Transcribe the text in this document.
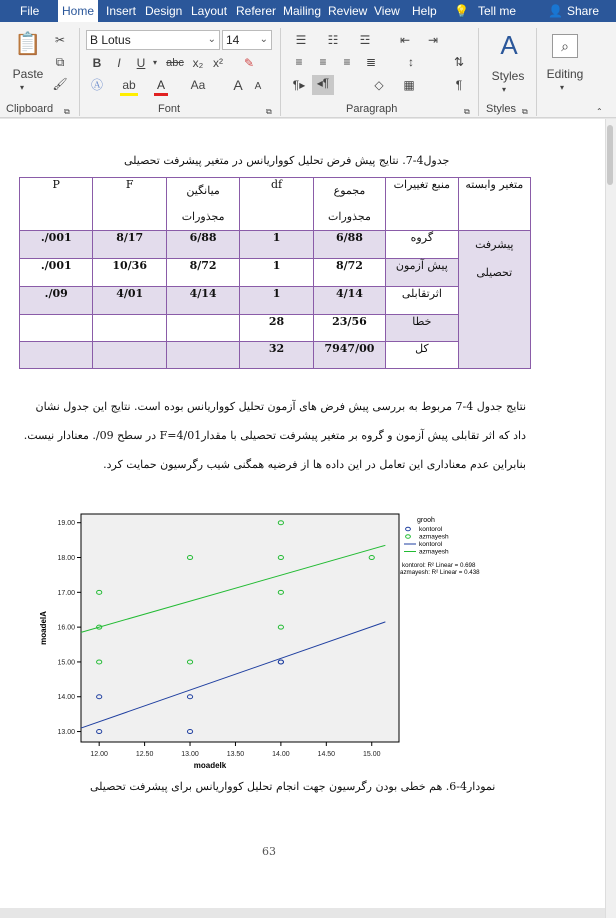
File	Home Insert Design Layout Referer Mailing Review View Help 💡 Tell me	👤 Share
📋
Paste
▾
✂
⧉
🖌
Clipboard ⧉
B Lotus	⌄ 14 ⌄
B	I	U ▾ abc x₂ x²	✎
Ⓐ ab A Aa A A
Font	⧉
☰	☷	☲	⇤	⇥
≡	≡	≡	≣	↕
¶▸ ◂¶	◇	▦	¶
⇅
Paragraph	⧉
A
Styles
▾
Styles ⧉
⌕
Editing
▾
⌃
جدول4-7. نتایج پیش فرض تحلیل کوواریانس در متغیر پیشرفت تحصیلی
متغیر وابسته	منبع تغییرات	مجموع مجذورات	df	میانگین مجذورات	F	P
پیشرفت تحصیلی	گروه	6/88	1	6/88	8/17	001/.
	پیش آزمون	8/72	1	8/72	10/36	001/.
	اثرتقابلی	4/14	1	4/14	4/01	09/.
	خطا	23/56	28			
	کل	7947/00	32			
نتایج جدول 4-7 مربوط به بررسی پیش فرض های آزمون تحلیل کوواریانس بوده است. نتایج این جدول نشان
داد که اثر تقابلی پیش آزمون و گروه بر متغیر پیشرفت تحصیلی با مقدار4/01=F در سطح 09/. معنادار نیست.
بنابراین عدم معناداری این تعامل در این داده ها از فرضیه همگنی شیب رگرسیون حمایت کرد.
12.00	12.50	13.00	13.50	14.00	14.50	15.00
13.00
14.00
15.00
16.00
17.00
18.00
19.00
moadelk
moadelA
grooh
kontorol
azmayesh
kontorol
azmayesh
kontorol: R² Linear = 0.698
azmayesh: R² Linear = 0.438
نمودار4-6. هم خطی بودن رگرسیون جهت انجام تحلیل کوواریانس برای پیشرفت تحصیلی
63
